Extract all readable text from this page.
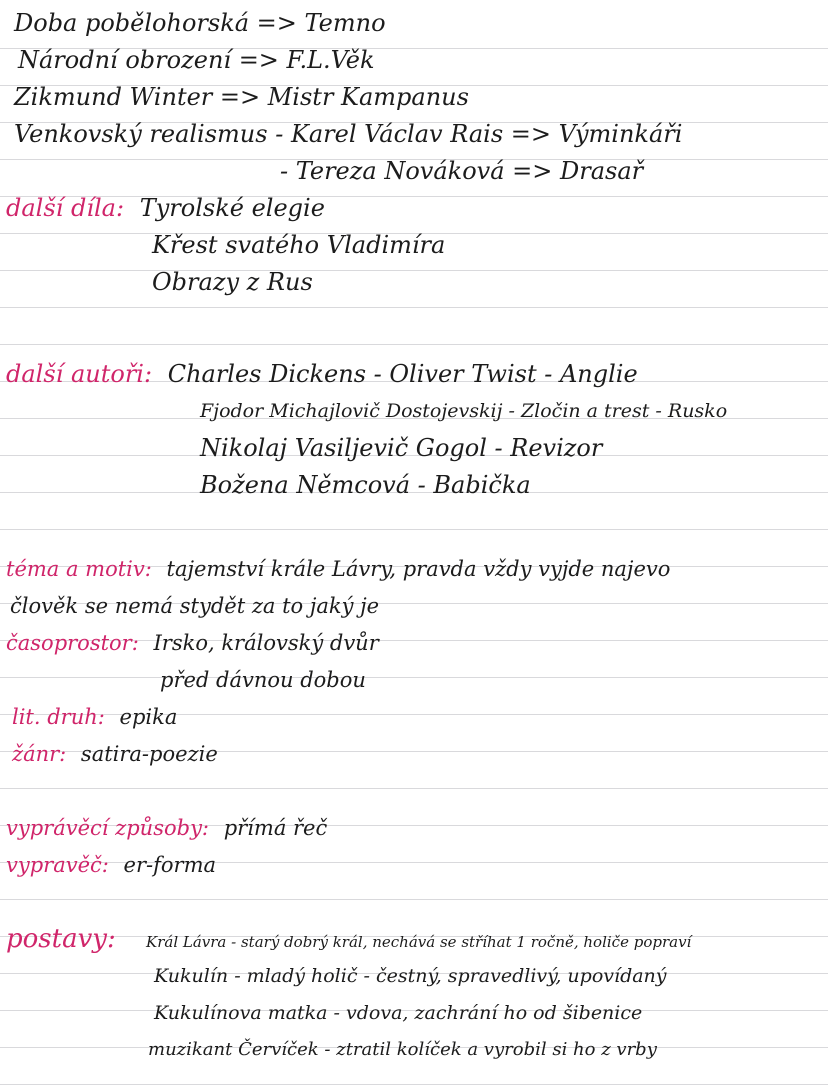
Doba pobělohorská => Temno
Národní obrození => F.L.Věk
Zikmund Winter => Mistr Kampanus
Venkovský realismus - Karel Václav Rais => Výminkáři
- Tereza Nováková => Drasař
další díla: Tyrolské elegie
Křest svatého Vladimíra
Obrazy z Rus
další autoři: Charles Dickens - Oliver Twist - Anglie
Fjodor Michajlovič Dostojevskij - Zločin a trest - Rusko
Nikolaj Vasiljevič Gogol - Revizor
Božena Němcová - Babička
téma a motiv: tajemství krále Lávry, pravda vždy vyjde najevo
člověk se nemá stydět za to jaký je
časoprostor: Irsko, královský dvůr
před dávnou dobou
lit. druh: epika
žánr: satira-poezie
vyprávěcí způsoby: přímá řeč
vypravěč: er-forma
postavy: Král Lávra - starý dobrý král, nechává se stříhat 1 ročně, holiče popraví
Kukulín - mladý holič - čestný, spravedlivý, upovídaný
Kukulínova matka - vdova, zachrání ho od šibenice
muzikant Červíček - ztratil kolíček a vyrobil si ho z vrby
